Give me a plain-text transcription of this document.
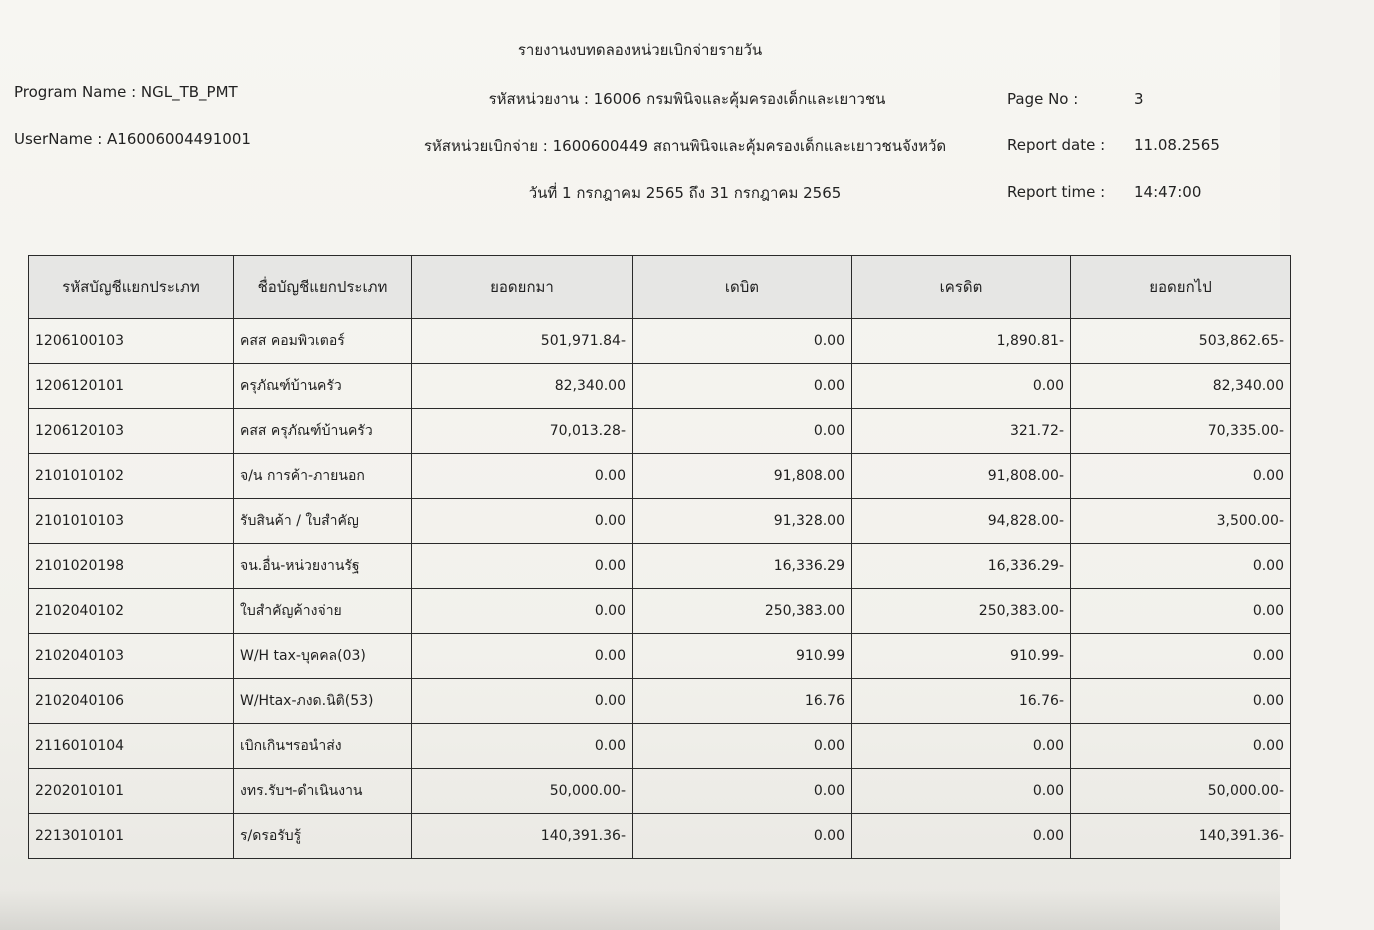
รายงานงบทดลองหน่วยเบิกจ่ายรายวัน
Program Name : NGL_TB_PMT
UserName : A16006004491001
รหัสหน่วยงาน : 16006 กรมพินิจและคุ้มครองเด็กและเยาวชน
รหัสหน่วยเบิกจ่าย : 1600600449 สถานพินิจและคุ้มครองเด็กและเยาวชนจังหวัด
วันที่ 1 กรกฎาคม 2565 ถึง 31 กรกฎาคม 2565
Page No :	3
Report date : 11.08.2565
Report time : 14:47:00
รหัสบัญชีแยกประเภท	ชื่อบัญชีแยกประเภท	ยอดยกมา	เดบิต	เครดิต	ยอดยกไป
1206100103	คสส คอมพิวเตอร์	501,971.84-	0.00	1,890.81-	503,862.65-
1206120101	ครุภัณฑ์บ้านครัว	82,340.00	0.00	0.00	82,340.00
1206120103	คสส ครุภัณฑ์บ้านครัว	70,013.28-	0.00	321.72-	70,335.00-
2101010102	จ/น การค้า-ภายนอก	0.00	91,808.00	91,808.00-	0.00
2101010103	รับสินค้า / ใบสำคัญ	0.00	91,328.00	94,828.00-	3,500.00-
2101020198	จน.อื่น-หน่วยงานรัฐ	0.00	16,336.29	16,336.29-	0.00
2102040102	ใบสำคัญค้างจ่าย	0.00	250,383.00	250,383.00-	0.00
2102040103	W/H tax-บุคคล(03)	0.00	910.99	910.99-	0.00
2102040106	W/Htax-ภงด.นิติ(53)	0.00	16.76	16.76-	0.00
2116010104	เบิกเกินฯรอนำส่ง	0.00	0.00	0.00	0.00
2202010101	งทร.รับฯ-ดำเนินงาน	50,000.00-	0.00	0.00	50,000.00-
2213010101	ร/ดรอรับรู้	140,391.36-	0.00	0.00	140,391.36-
